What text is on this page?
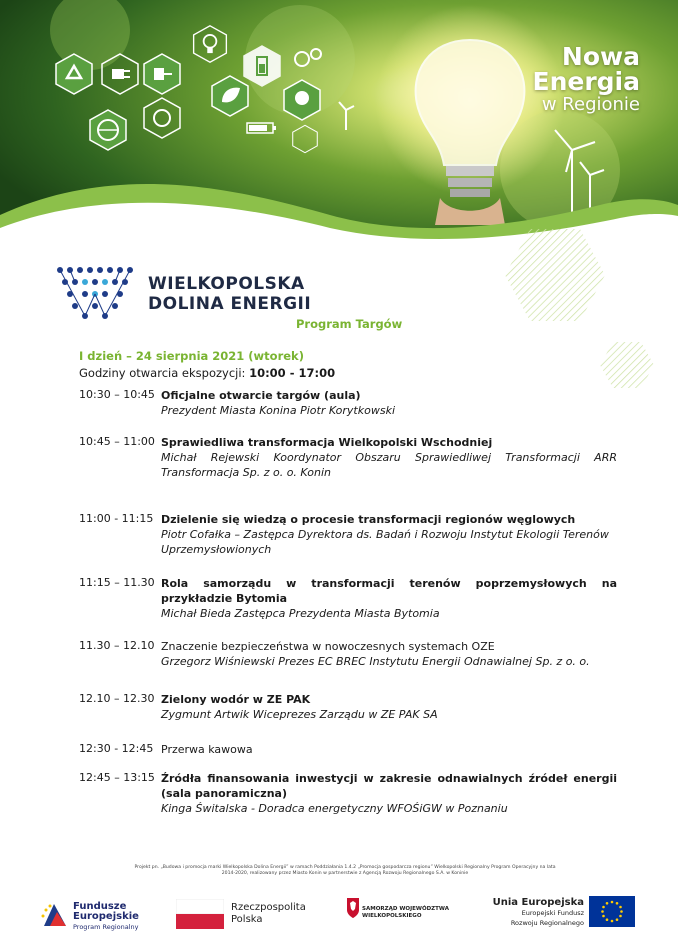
Nowa
Energia
w Regionie
WIELKOPOLSKA
DOLINA ENERGII
Program Targów
I dzień – 24 sierpnia 2021 (wtorek)
Godziny otwarcia ekspozycji: 10:00 - 17:00
10:30 – 10:45 Oficjalne otwarcie targów (aula)
Prezydent Miasta Konina Piotr Korytkowski
10:45 – 11:00 Sprawiedliwa transformacja Wielkopolski Wschodniej
Michał Rejewski Koordynator Obszaru Sprawiedliwej Transformacji ARR Transformacja Sp. z o. o. Konin
11:00 - 11:15 Dzielenie się wiedzą o procesie transformacji regionów węglowych
Piotr Cofałka – Zastępca Dyrektora ds. Badań i Rozwoju Instytut Ekologii Terenów Uprzemysłowionych
11:15 – 11.30 Rola samorządu w transformacji terenów poprzemysłowych na przykładzie Bytomia
Michał Bieda Zastępca Prezydenta Miasta Bytomia
11.30 – 12.10 Znaczenie bezpieczeństwa w nowoczesnych systemach OZE
Grzegorz Wiśniewski Prezes EC BREC Instytutu Energii Odnawialnej Sp. z o. o.
12.10 – 12.30 Zielony wodór w ZE PAK
Zygmunt Artwik Wiceprezes Zarządu w ZE PAK SA
12:30 - 12:45 Przerwa kawowa
12:45 – 13:15 Źródła finansowania inwestycji w zakresie odnawialnych źródeł energii (sala panoramiczna)
Kinga Świtalska - Doradca energetyczny WFOŚiGW w Poznaniu
Projekt pn. „Budowa i promocja marki Wielkopolska Dolina Energii” w ramach Poddziałania 1.4.2 „Promocja gospodarcza regionu” Wielkopolski Regionalny Program Operacyjny na lata 2014-2020, realizowany przez Miasto Konin w partnerstwie z Agencją Rozwoju Regionalnego S.A. w Koninie
Fundusze
Europejskie
Program Regionalny
Rzeczpospolita
Polska
SAMORZĄD WOJEWÓDZTWA
WIELKOPOLSKIEGO
Unia Europejska
Europejski Fundusz
Rozwoju Regionalnego
